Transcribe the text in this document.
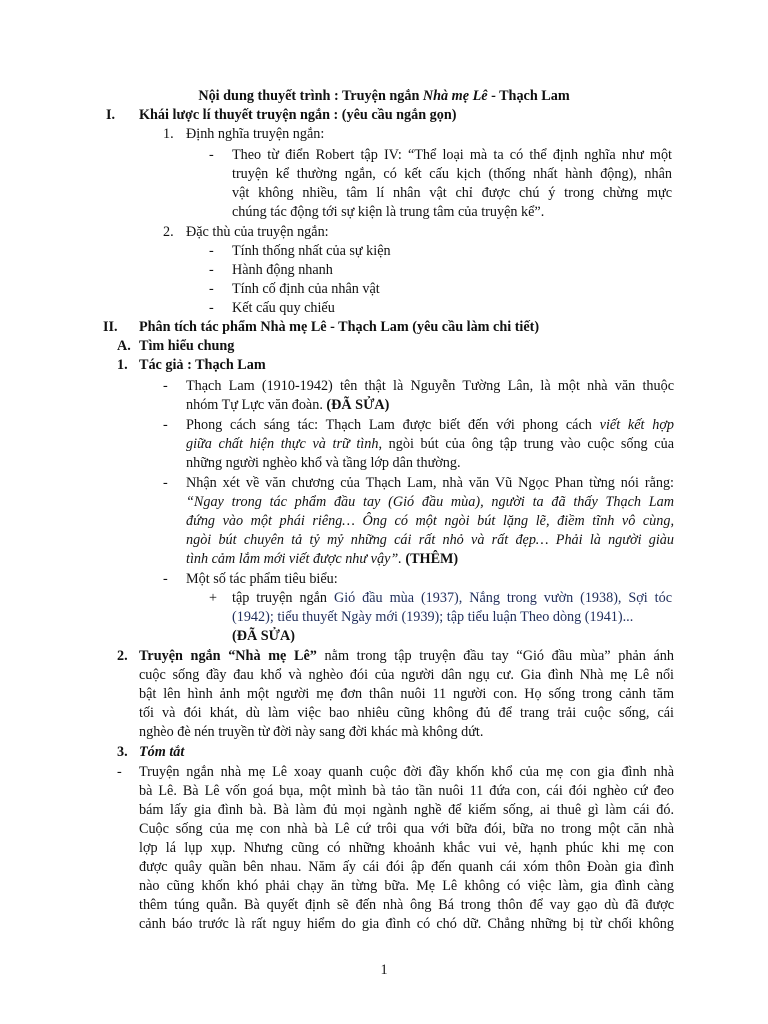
Nội dung thuyết trình : Truyện ngắn Nhà mẹ Lê - Thạch Lam
I. Khái lược lí thuyết truyện ngắn : (yêu cầu ngắn gọn)
1. Định nghĩa truyện ngắn:
- Theo từ điển Robert tập IV: “Thể loại mà ta có thể định nghĩa như một
truyện kể thường ngắn, có kết cấu kịch (thống nhất hành động), nhân
vật không nhiều, tâm lí nhân vật chỉ được chú ý trong chừng mực
chúng tác động tới sự kiện là trung tâm của truyện kể”.
2. Đặc thù của truyện ngắn:
- Tính thống nhất của sự kiện
- Hành động nhanh
- Tính cố định của nhân vật
- Kết cấu quy chiếu
II. Phân tích tác phẩm Nhà mẹ Lê - Thạch Lam (yêu cầu làm chi tiết)
A. Tìm hiểu chung
1. Tác giả : Thạch Lam
- Thạch Lam (1910-1942) tên thật là Nguyễn Tường Lân, là một nhà văn thuộc
nhóm Tự Lực văn đoàn. (ĐÃ SỬA)
- Phong cách sáng tác: Thạch Lam được biết đến với phong cách viết kết hợp
giữa chất hiện thực và trữ tình, ngòi bút của ông tập trung vào cuộc sống của
những người nghèo khổ và tầng lớp dân thường.
- Nhận xét về văn chương của Thạch Lam, nhà văn Vũ Ngọc Phan từng nói rằng:
“Ngay trong tác phẩm đầu tay (Gió đầu mùa), người ta đã thấy Thạch Lam
đứng vào một phái riêng… Ông có một ngòi bút lặng lẽ, điềm tĩnh vô cùng,
ngòi bút chuyên tả tỷ mỷ những cái rất nhỏ và rất đẹp… Phải là người giàu
tình cảm lắm mới viết được như vậy”. (THÊM)
- Một số tác phẩm tiêu biểu:
+ tập truyện ngắn Gió đầu mùa (1937), Nắng trong vườn (1938), Sợi tóc
(1942); tiểu thuyết Ngày mới (1939); tập tiểu luận Theo dòng (1941)...
(ĐÃ SỬA)
2. Truyện ngắn “Nhà mẹ Lê” nằm trong tập truyện đầu tay “Gió đầu mùa” phản ánh
cuộc sống đầy đau khổ và nghèo đói của người dân ngụ cư. Gia đình Nhà mẹ Lê nổi
bật lên hình ảnh một người mẹ đơn thân nuôi 11 người con. Họ sống trong cảnh tăm
tối và đói khát, dù làm việc bao nhiêu cũng không đủ để trang trải cuộc sống, cái
nghèo đè nén truyền từ đời này sang đời khác mà không dứt.
3. Tóm tắt
- Truyện ngắn nhà mẹ Lê xoay quanh cuộc đời đầy khốn khổ của mẹ con gia đình nhà
bà Lê. Bà Lê vốn goá bụa, một mình bà tảo tần nuôi 11 đứa con, cái đói nghèo cứ đeo
bám lấy gia đình bà. Bà làm đủ mọi ngành nghề để kiếm sống, ai thuê gì làm cái đó.
Cuộc sống của mẹ con nhà bà Lê cứ trôi qua với bữa đói, bữa no trong một căn nhà
lợp lá lụp xụp. Nhưng cũng có những khoảnh khắc vui vẻ, hạnh phúc khi mẹ con
được quây quần bên nhau. Năm ấy cái đói ập đến quanh cái xóm thôn Đoàn gia đình
nào cũng khốn khó phải chạy ăn từng bữa. Mẹ Lê không có việc làm, gia đình càng
thêm túng quẫn. Bà quyết định sẽ đến nhà ông Bá trong thôn để vay gạo dù đã được
cảnh báo trước là rất nguy hiểm do gia đình có chó dữ. Chẳng những bị từ chối không
1
